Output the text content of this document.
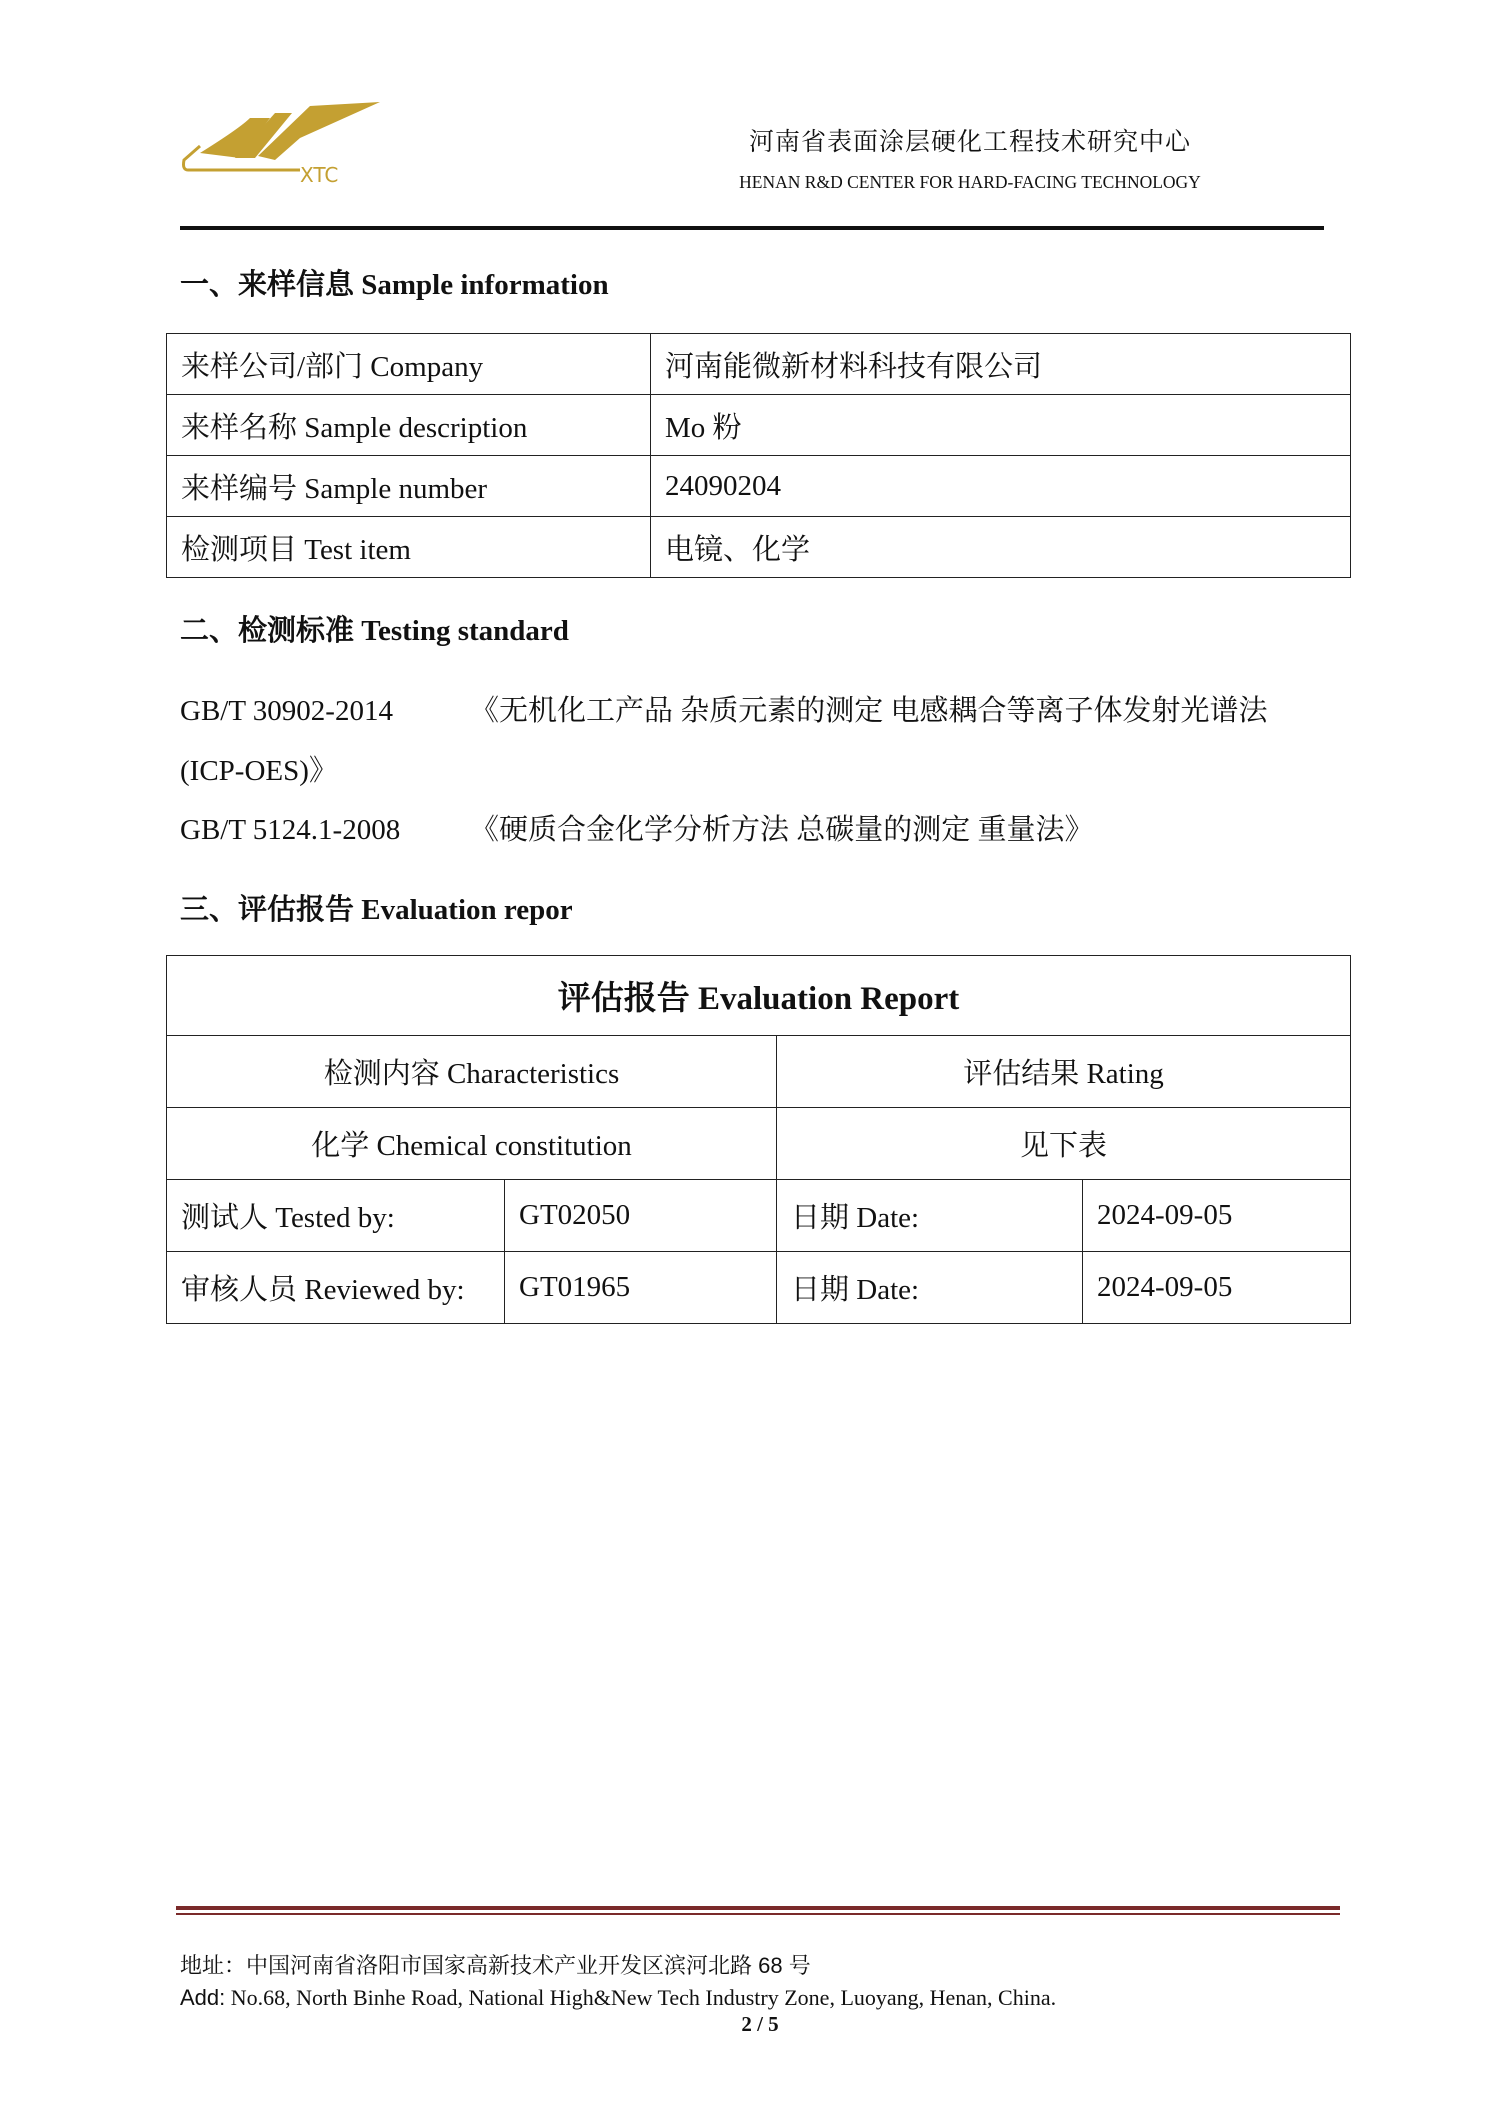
XTC
河南省表面涂层硬化工程技术研究中心
HENAN R&D CENTER FOR HARD-FACING TECHNOLOGY
一、来样信息 Sample information
来样公司/部门 Company	河南能微新材料科技有限公司
来样名称 Sample description	Mo 粉
来样编号 Sample number	24090204
检测项目 Test item	电镜、化学
二、检测标准 Testing standard
GB/T 30902-2014	《无机化工产品 杂质元素的测定 电感耦合等离子体发射光谱法
(ICP-OES)》
GB/T 5124.1-2008 《硬质合金化学分析方法 总碳量的测定 重量法》
三、评估报告 Evaluation repor
评估报告 Evaluation Report			
检测内容 Characteristics		评估结果 Rating	
化学 Chemical constitution		见下表	
测试人 Tested by:	GT02050	日期 Date:	2024-09-05
审核人员 Reviewed by:	GT01965	日期 Date:	2024-09-05
地址：中国河南省洛阳市国家高新技术产业开发区滨河北路 68 号
Add: No.68, North Binhe Road, National High&New Tech Industry Zone, Luoyang, Henan, China.
2 / 5
